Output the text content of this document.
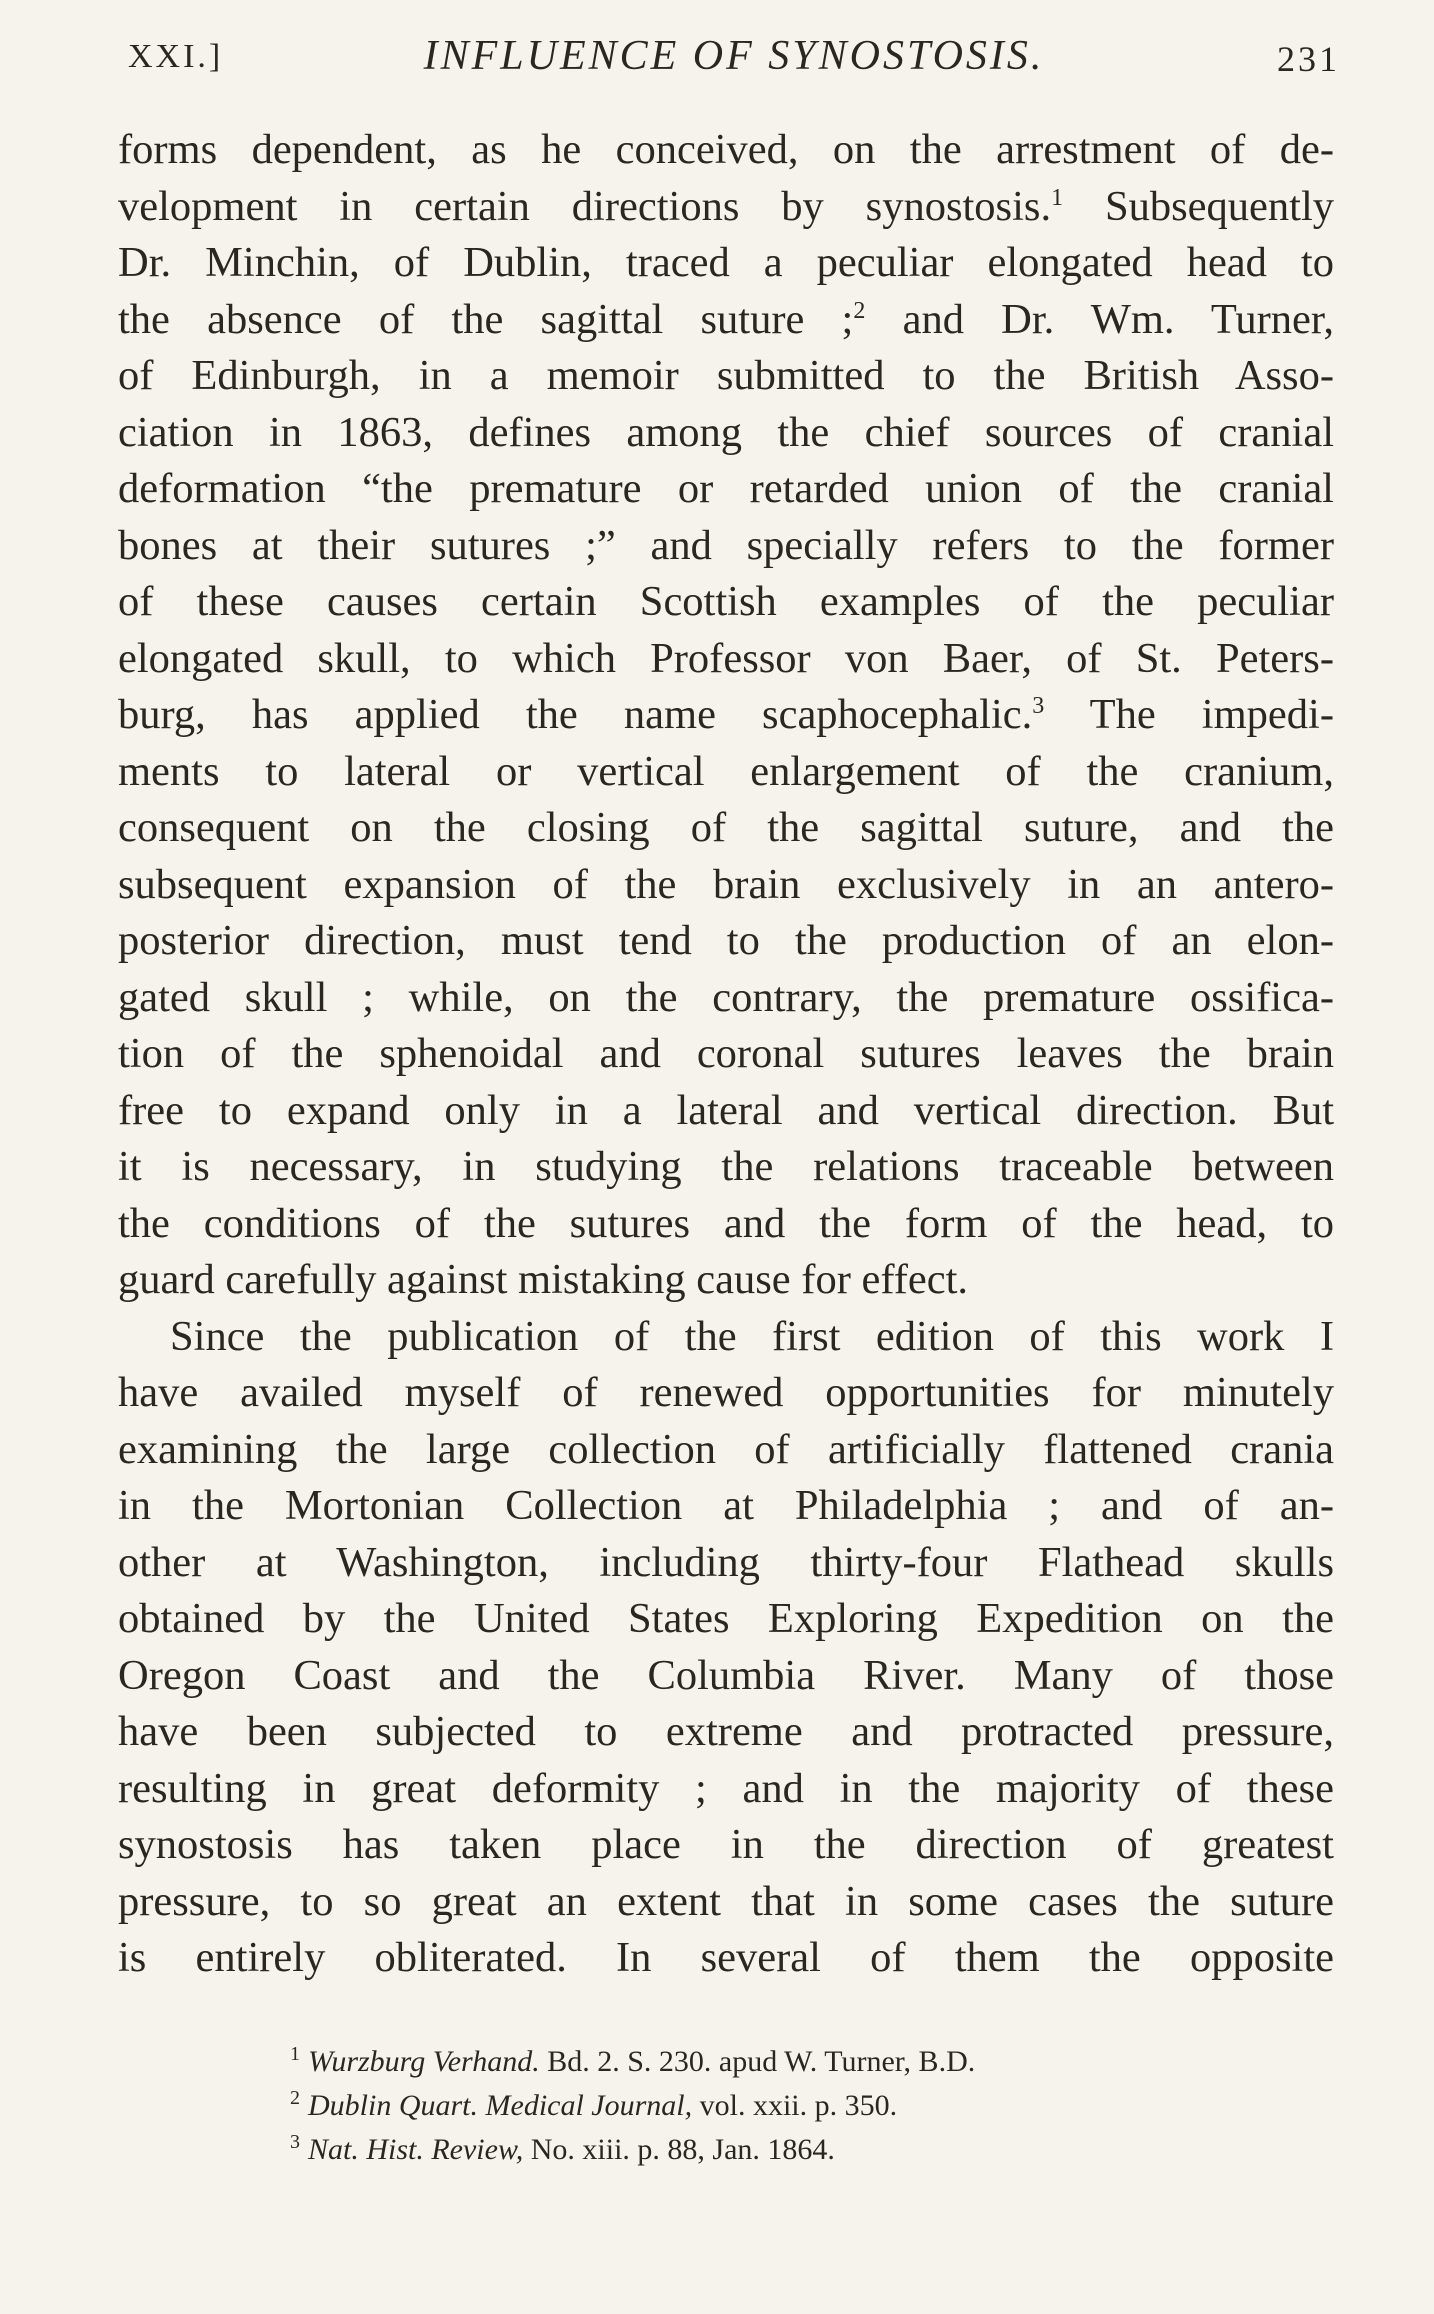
XXI.]	INFLUENCE OF SYNOSTOSIS.	231
forms dependent, as he conceived, on the arrestment of de-
velopment in certain directions by synostosis.$^1$ Subsequently
Dr. Minchin, of Dublin, traced a peculiar elongated head to
the absence of the sagittal suture ;$^2$ and Dr. Wm. Turner,
of Edinburgh, in a memoir submitted to the British Asso-
ciation in 1863, defines among the chief sources of cranial
deformation “the premature or retarded union of the cranial
bones at their sutures ;” and specially refers to the former
of these causes certain Scottish examples of the peculiar
elongated skull, to which Professor von Baer, of St. Peters-
burg, has applied the name scaphocephalic.$^3$ The impedi-
ments to lateral or vertical enlargement of the cranium,
consequent on the closing of the sagittal suture, and the
subsequent expansion of the brain exclusively in an antero-
posterior direction, must tend to the production of an elon-
gated skull ; while, on the contrary, the premature ossifica-
tion of the sphenoidal and coronal sutures leaves the brain
free to expand only in a lateral and vertical direction. But
it is necessary, in studying the relations traceable between
the conditions of the sutures and the form of the head, to
guard carefully against mistaking cause for effect.
Since the publication of the first edition of this work I
have availed myself of renewed opportunities for minutely
examining the large collection of artificially flattened crania
in the Mortonian Collection at Philadelphia ; and of an-
other at Washington, including thirty-four Flathead skulls
obtained by the United States Exploring Expedition on the
Oregon Coast and the Columbia River. Many of those
have been subjected to extreme and protracted pressure,
resulting in great deformity ; and in the majority of these
synostosis has taken place in the direction of greatest
pressure, to so great an extent that in some cases the suture
is entirely obliterated. In several of them the opposite
$^1$ Wurzburg Verhand. Bd. 2. S. 230. apud W. Turner, B.D.
$^2$ Dublin Quart. Medical Journal, vol. xxii. p. 350.
$^3$ Nat. Hist. Review, No. xiii. p. 88, Jan. 1864.
